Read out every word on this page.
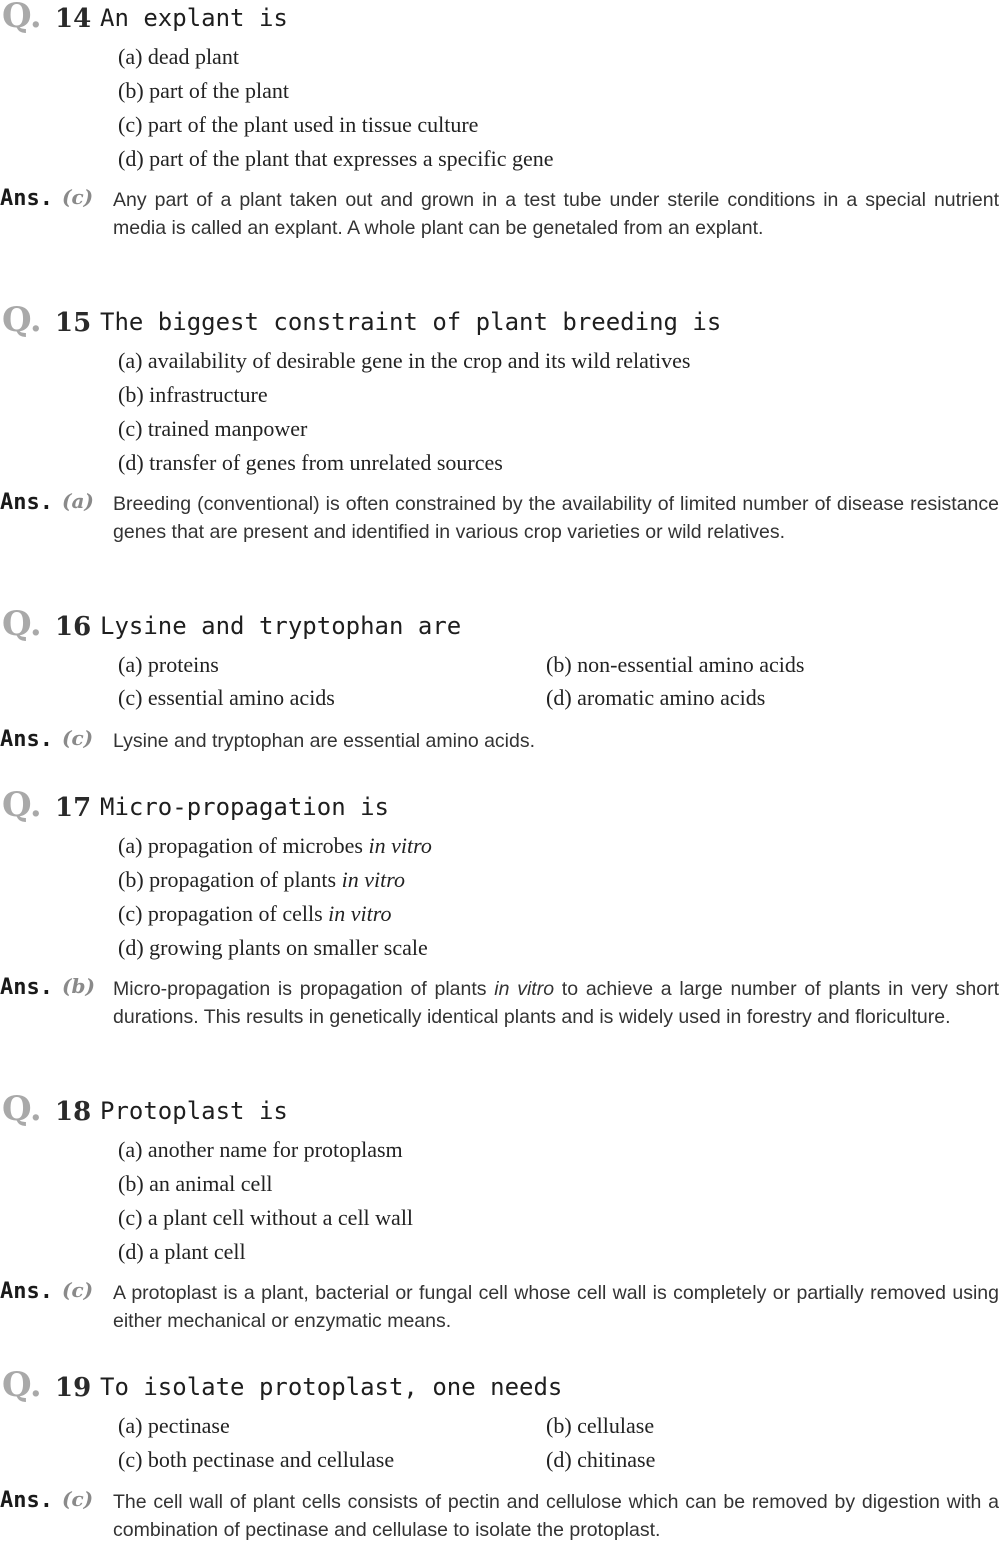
Q. 14 An explant is
(a) dead plant
(b) part of the plant
(c) part of the plant used in tissue culture
(d) part of the plant that expresses a specific gene
Ans. (c) Any part of a plant taken out and grown in a test tube under sterile conditions in a special nutrient media is called an explant. A whole plant can be genetaled from an explant.
Q. 15 The biggest constraint of plant breeding is
(a) availability of desirable gene in the crop and its wild relatives
(b) infrastructure
(c) trained manpower
(d) transfer of genes from unrelated sources
Ans. (a) Breeding (conventional) is often constrained by the availability of limited number of disease resistance genes that are present and identified in various crop varieties or wild relatives.
Q. 16 Lysine and tryptophan are
(a) proteins	(b) non-essential amino acids
(c) essential amino acids	(d) aromatic amino acids
Ans. (c) Lysine and tryptophan are essential amino acids.
Q. 17 Micro-propagation is
(a) propagation of microbes in vitro
(b) propagation of plants in vitro
(c) propagation of cells in vitro
(d) growing plants on smaller scale
Ans. (b) Micro-propagation is propagation of plants in vitro to achieve a large number of plants in very short durations. This results in genetically identical plants and is widely used in forestry and floriculture.
Q. 18 Protoplast is
(a) another name for protoplasm
(b) an animal cell
(c) a plant cell without a cell wall
(d) a plant cell
Ans. (c) A protoplast is a plant, bacterial or fungal cell whose cell wall is completely or partially removed using either mechanical or enzymatic means.
Q. 19 To isolate protoplast, one needs
(a) pectinase	(b) cellulase
(c) both pectinase and cellulase	(d) chitinase
Ans. (c) The cell wall of plant cells consists of pectin and cellulose which can be removed by digestion with a combination of pectinase and cellulase to isolate the protoplast.
